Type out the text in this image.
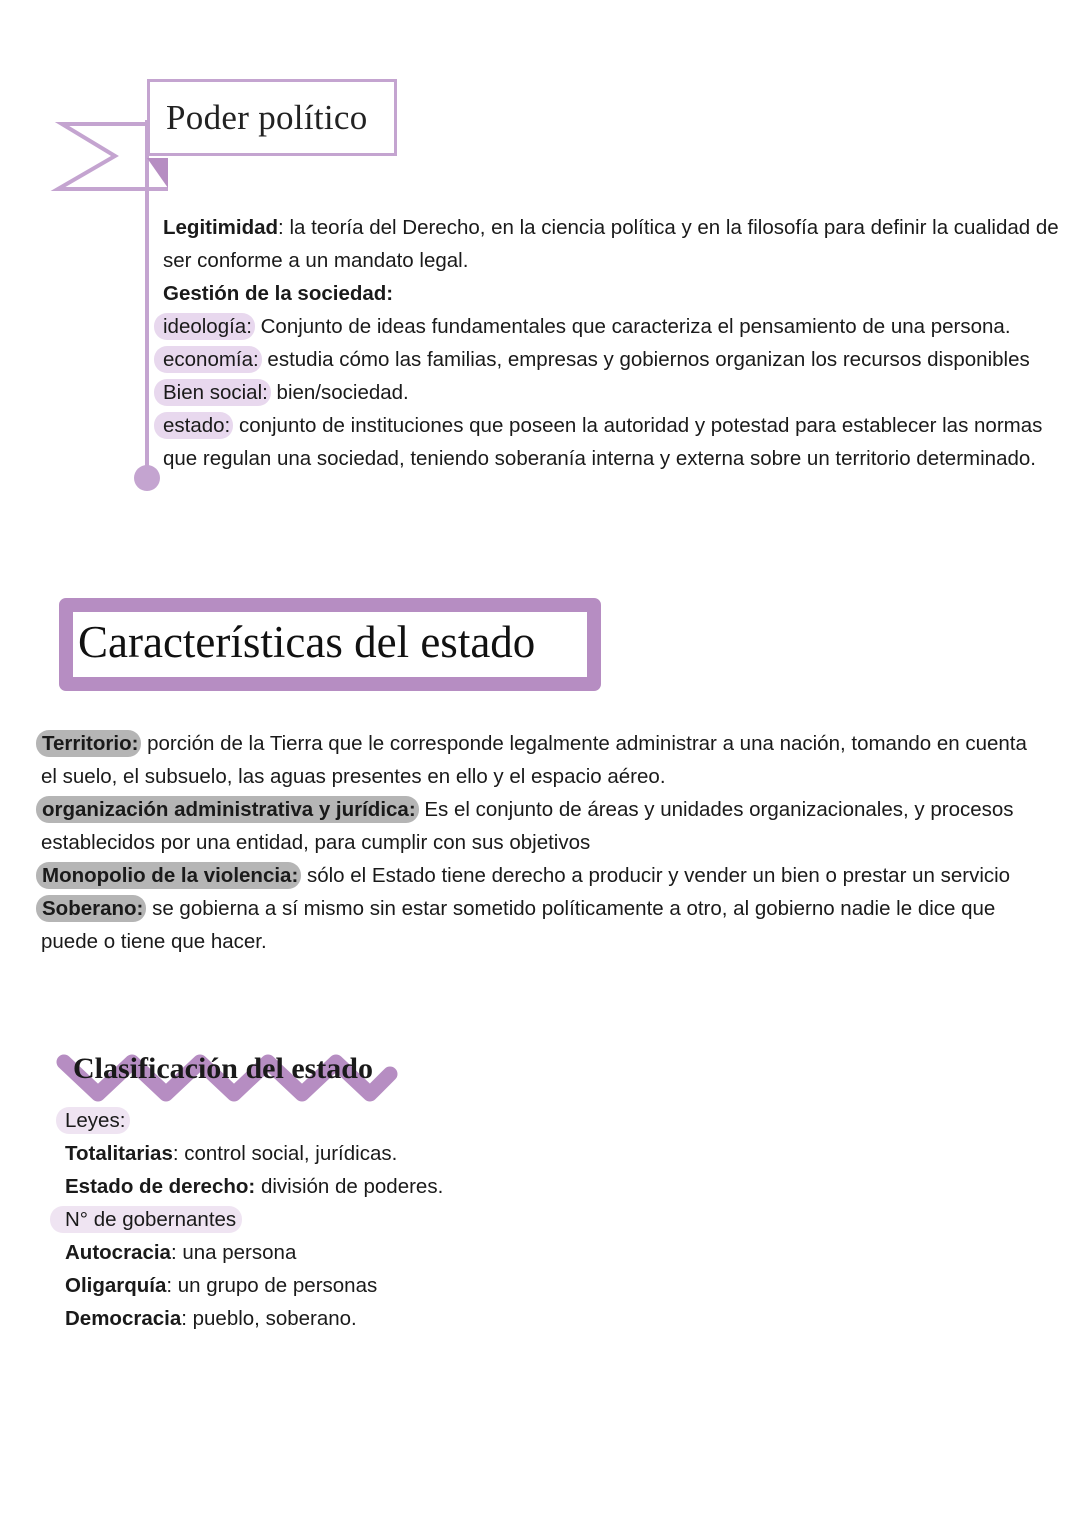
Poder político

Legitimidad: la teoría del Derecho, en la ciencia política y en la filosofía para definir la cualidad de ser conforme a un mandato legal.

Gestión de la sociedad:

ideología: Conjunto de ideas fundamentales que caracteriza el pensamiento de una persona.

economía: estudia cómo las familias, empresas y gobiernos organizan los recursos disponibles

Bien social: bien/sociedad.

estado: conjunto de instituciones que poseen la autoridad y potestad para establecer las normas que regulan una sociedad, teniendo soberanía interna y externa sobre un territorio determinado.

Características del estado

Territorio: porción de la Tierra que le corresponde legalmente administrar a una nación, tomando en cuenta el suelo, el subsuelo, las aguas presentes en ello y el espacio aéreo.

organización administrativa y jurídica: Es el conjunto de áreas y unidades organizacionales, y procesos establecidos por una entidad, para cumplir con sus objetivos

Monopolio de la violencia: sólo el Estado tiene derecho a producir y vender un bien o prestar un servicio

Soberano: se gobierna a sí mismo sin estar sometido políticamente a otro, al gobierno nadie le dice que puede o tiene que hacer.

Clasificación del estado

Leyes:

Totalitarias: control social, jurídicas.

Estado de derecho: división de poderes.

N° de gobernantes

Autocracia: una persona

Oligarquía: un grupo de personas

Democracia: pueblo, soberano.
